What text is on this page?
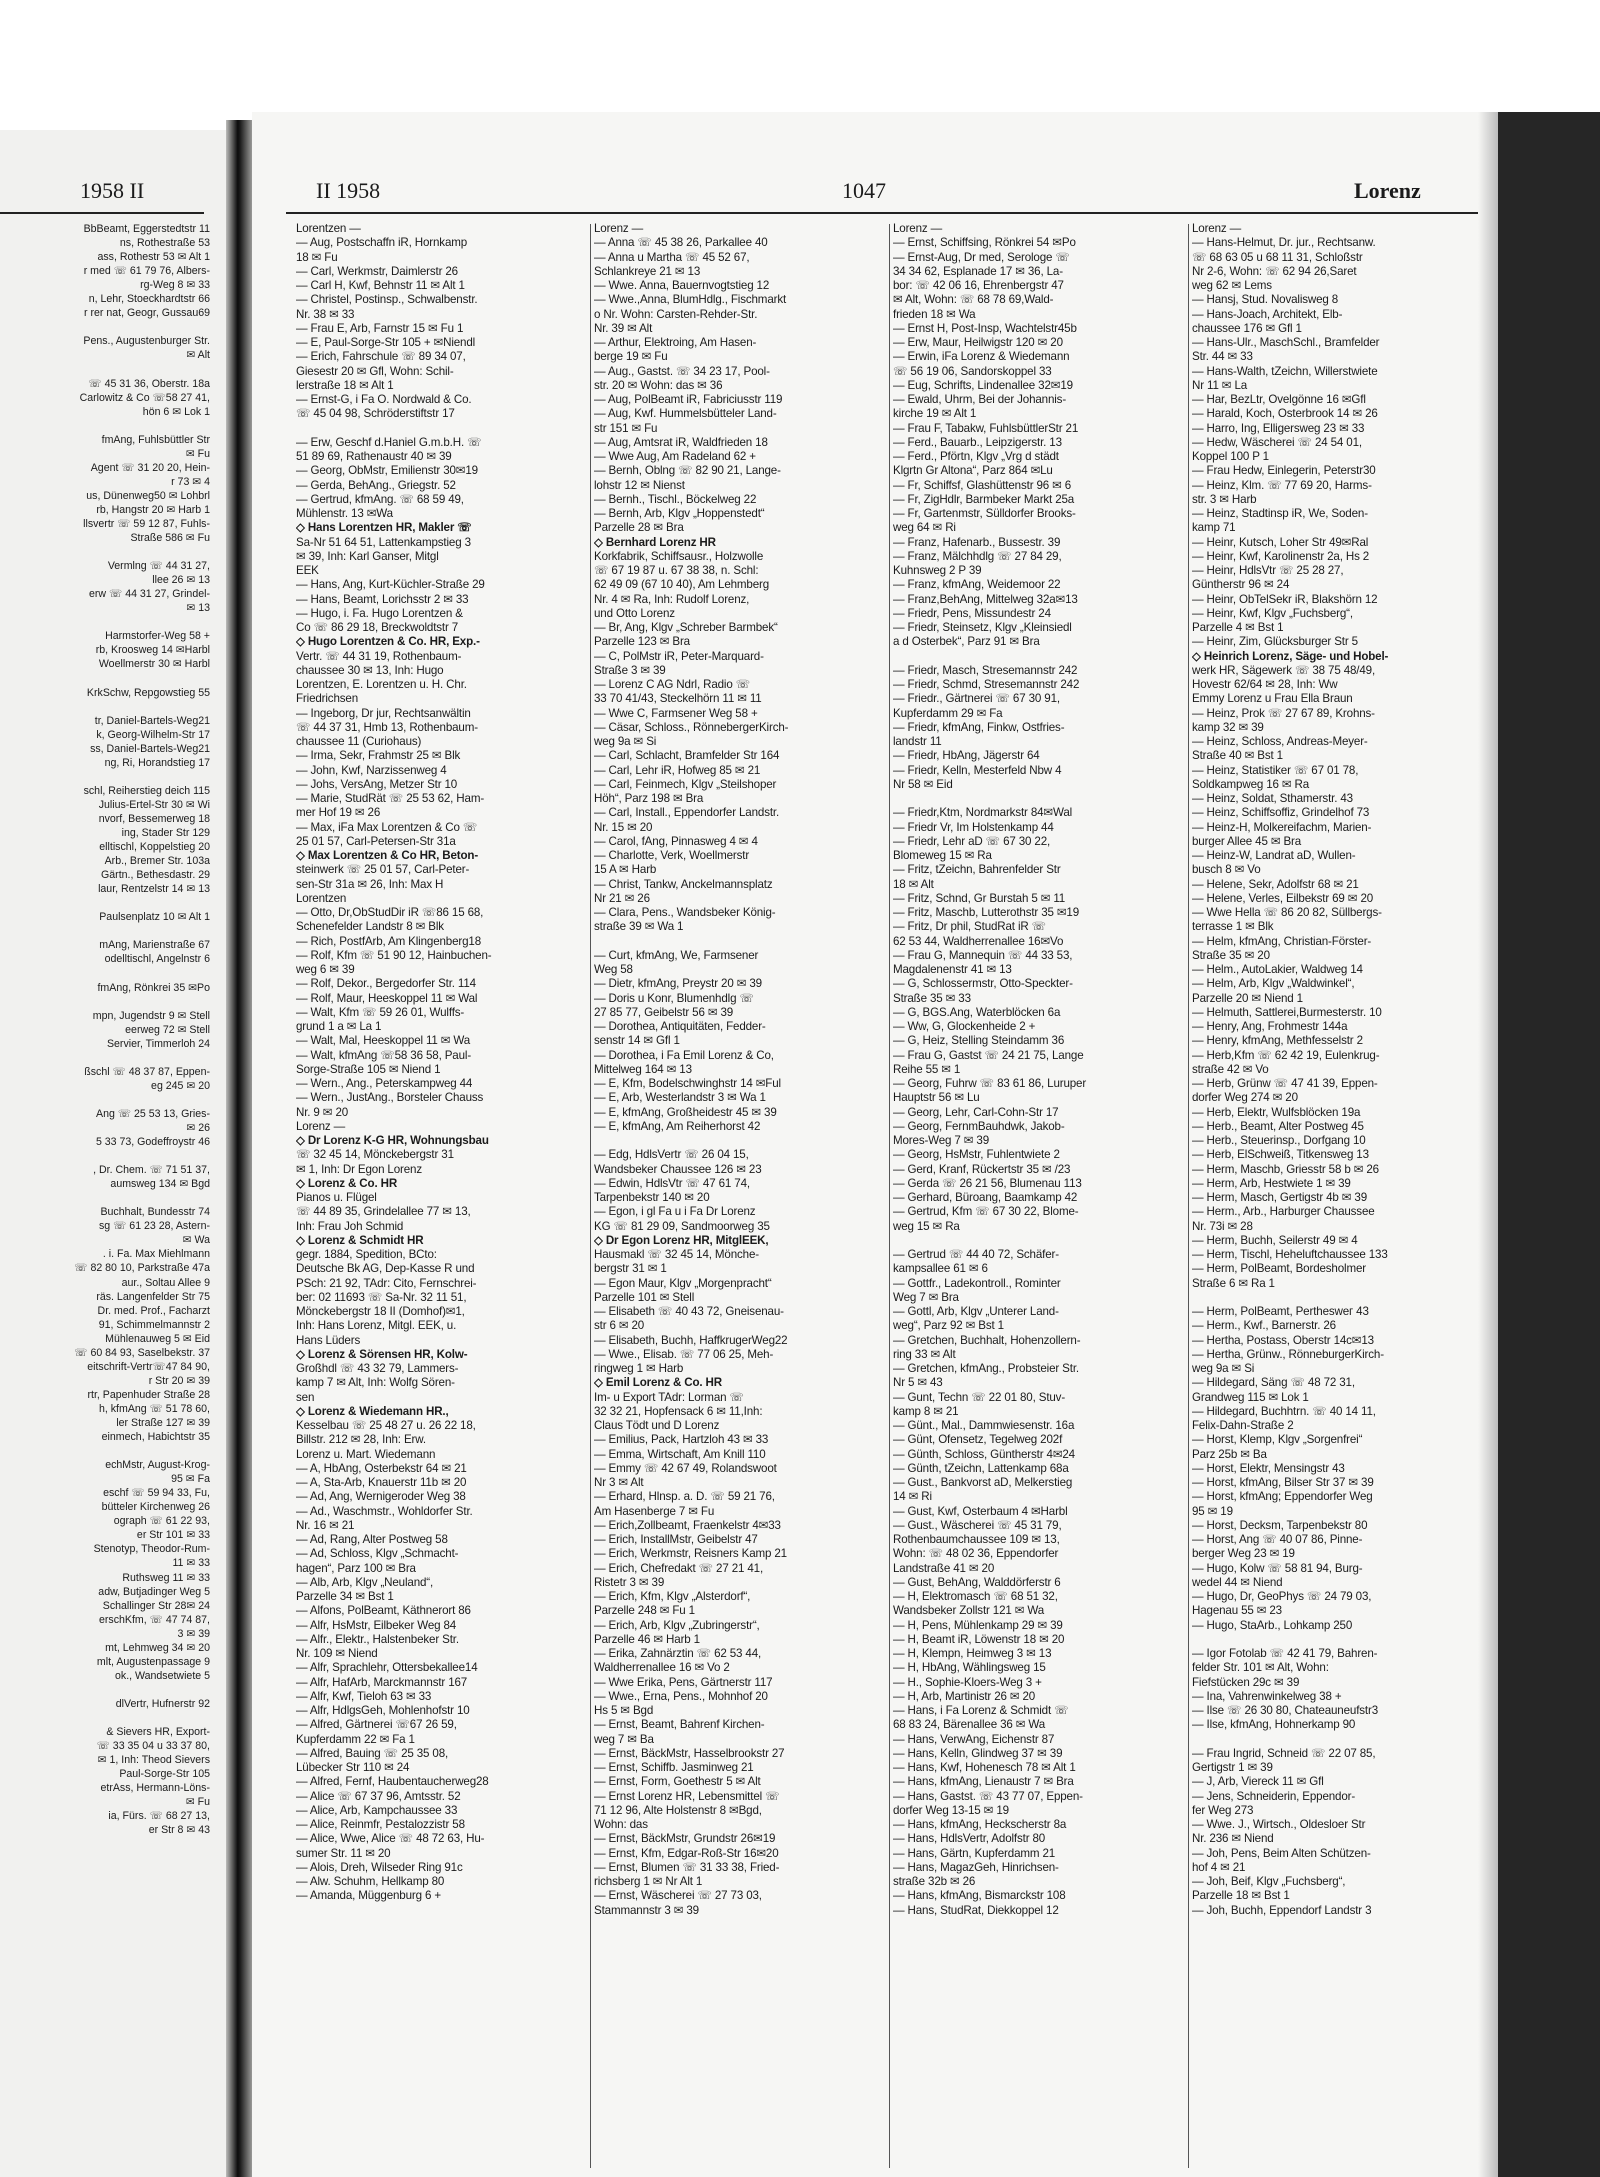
1958 II
BbBeamt, Eggerstedtstr 11
ns, Rothestraße 53
ass, Rothestr 53 ✉ Alt 1
r med ☏ 61 79 76, Albers-
rg-Weg 8 ✉ 33
n, Lehr, Stoeckhardtstr 66
r rer nat, Geogr, Gussau69

Pens., Augustenburger Str.
✉ Alt

☏ 45 31 36, Oberstr. 18a
Carlowitz & Co ☏58 27 41,
hön 6 ✉ Lok 1

fmAng, Fuhlsbüttler Str
✉ Fu
Agent ☏ 31 20 20, Hein-
r 73 ✉ 4
us, Dünenweg50 ✉ Lohbrl
rb, Hangstr 20 ✉ Harb 1
llsvertr ☏ 59 12 87, Fuhls-
Straße 586 ✉ Fu

Vermlng ☏ 44 31 27,
llee 26 ✉ 13
erw ☏ 44 31 27, Grindel-
✉ 13

Harmstorfer-Weg 58 +
rb, Kroosweg 14 ✉Harbl
Woellmerstr 30 ✉ Harbl

KrkSchw, Repgowstieg 55

tr, Daniel-Bartels-Weg21
k, Georg-Wilhelm-Str 17
ss, Daniel-Bartels-Weg21
ng, Ri, Horandstieg 17

schl, Reiherstieg deich 115
Julius-Ertel-Str 30 ✉ Wi
nvorf, Bessemerweg 18
ing, Stader Str 129
elltischl, Koppelstieg 20
Arb., Bremer Str. 103a
Gärtn., Bethesdastr. 29
laur, Rentzelstr 14 ✉ 13

Paulsenplatz 10 ✉ Alt 1

mAng, Marienstraße 67
odelltischl, Angelnstr 6

fmAng, Rönkrei 35 ✉Po

mpn, Jugendstr 9 ✉ Stell
eerweg 72 ✉ Stell
Servier, Timmerloh 24

ßschl ☏ 48 37 87, Eppen-
eg 245 ✉ 20

Ang ☏ 25 53 13, Gries-
✉ 26
5 33 73, Godeffroystr 46

, Dr. Chem. ☏ 71 51 37,
aumsweg 134 ✉ Bgd

Buchhalt, Bundesstr 74
sg ☏ 61 23 28, Astern-
✉ Wa
. i. Fa. Max Miehlmann
☏ 82 80 10, Parkstraße 47a
aur., Soltau Allee 9
räs. Langenfelder Str 75
Dr. med. Prof., Facharzt
91, Schimmelmannstr 2
Mühlenauweg 5 ✉ Eid
☏ 60 84 93, Saselbekstr. 37
eitschrift-Vertr☏47 84 90,
r Str 20 ✉ 39
rtr, Papenhuder Straße 28
h, kfmAng ☏ 51 78 60,
ler Straße 127 ✉ 39
einmech, Habichtstr 35

echMstr, August-Krog-
95 ✉ Fa
eschf ☏ 59 94 33, Fu,
bütteler Kirchenweg 26
ograph ☏ 61 22 93,
er Str 101 ✉ 33
Stenotyp, Theodor-Rum-
11 ✉ 33
Ruthsweg 11 ✉ 33
adw, Butjadinger Weg 5
Schallinger Str 28✉ 24
erschKfm, ☏ 47 74 87,
3 ✉ 39
mt, Lehmweg 34 ✉ 20
mlt, Augustenpassage 9
ok., Wandsetwiete 5

dlVertr, Hufnerstr 92

& Sievers HR, Export-
☏ 33 35 04 u 33 37 80,
✉ 1, Inh: Theod Sievers
Paul-Sorge-Str 105
etrAss, Hermann-Löns-
✉ Fu
ia, Fürs. ☏ 68 27 13,
er Str 8 ✉ 43
II 1958	1047	Lorenz
Lorentzen —
— Aug, Postschaffn iR, Hornkamp
18 ✉ Fu
— Carl, Werkmstr, Daimlerstr 26
— Carl H, Kwf, Behnstr 11 ✉ Alt 1
— Christel, Postinsp., Schwalbenstr.
Nr. 38 ✉ 33
— Frau E, Arb, Farnstr 15 ✉ Fu 1
— E, Paul-Sorge-Str 105 + ✉Niendl
— Erich, Fahrschule ☏ 89 34 07,
Giesestr 20 ✉ Gfl, Wohn: Schil-
lerstraße 18 ✉ Alt 1
— Ernst-G, i Fa O. Nordwald & Co.
☏ 45 04 98, Schröderstiftstr 17

— Erw, Geschf d.Haniel G.m.b.H. ☏
51 89 69, Rathenaustr 40 ✉ 39
— Georg, ObMstr, Emilienstr 30✉19
— Gerda, BehAng., Griegstr. 52
— Gertrud, kfmAng. ☏ 68 59 49,
Mühlenstr. 13 ✉Wa
◇ Hans Lorentzen HR, Makler ☏
Sa-Nr 51 64 51, Lattenkampstieg 3
✉ 39, Inh: Karl Ganser, Mitgl
EEK
— Hans, Ang, Kurt-Küchler-Straße 29
— Hans, Beamt, Lorichsstr 2 ✉ 33
— Hugo, i. Fa. Hugo Lorentzen &
Co ☏ 86 29 18, Breckwoldtstr 7
◇ Hugo Lorentzen & Co. HR, Exp.-
Vertr. ☏ 44 31 19, Rothenbaum-
chaussee 30 ✉ 13, Inh: Hugo
Lorentzen, E. Lorentzen u. H. Chr.
Friedrichsen
— Ingeborg, Dr jur, Rechtsanwältin
☏ 44 37 31, Hmb 13, Rothenbaum-
chaussee 11 (Curiohaus)
— Irma, Sekr, Frahmstr 25 ✉ Blk
— John, Kwf, Narzissenweg 4
— Johs, VersAng, Metzer Str 10
— Marie, StudRät ☏ 25 53 62, Ham-
mer Hof 19 ✉ 26
— Max, iFa Max Lorentzen & Co ☏
25 01 57, Carl-Petersen-Str 31a
◇ Max Lorentzen & Co HR, Beton-
steinwerk ☏ 25 01 57, Carl-Peter-
sen-Str 31a ✉ 26, Inh: Max H
Lorentzen
— Otto, Dr,ObStudDir iR ☏86 15 68,
Schenefelder Landstr 8 ✉ Blk
— Rich, PostfArb, Am Klingenberg18
— Rolf, Kfm ☏ 51 90 12, Hainbuchen-
weg 6 ✉ 39
— Rolf, Dekor., Bergedorfer Str. 114
— Rolf, Maur, Heeskoppel 11 ✉ Wal
— Walt, Kfm ☏ 59 26 01, Wulffs-
grund 1 a ✉ La 1
— Walt, Mal, Heeskoppel 11 ✉ Wa
— Walt, kfmAng ☏58 36 58, Paul-
Sorge-Straße 105 ✉ Niend 1
— Wern., Ang., Peterskampweg 44
— Wern., JustAng., Borsteler Chauss
Nr. 9 ✉ 20
Lorenz —
◇ Dr Lorenz K-G HR, Wohnungsbau
☏ 32 45 14, Mönckebergstr 31
✉ 1, Inh: Dr Egon Lorenz
◇ Lorenz & Co. HR
Pianos u. Flügel
☏ 44 89 35, Grindelallee 77 ✉ 13,
Inh: Frau Joh Schmid
◇ Lorenz & Schmidt HR
gegr. 1884, Spedition, BCto:
Deutsche Bk AG, Dep-Kasse R und
PSch: 21 92, TAdr: Cito, Fernschrei-
ber: 02 11693 ☏ Sa-Nr. 32 11 51,
Mönckebergstr 18 II (Domhof)✉1,
Inh: Hans Lorenz, Mitgl. EEK, u.
Hans Lüders
◇ Lorenz & Sörensen HR, Kolw-
Großhdl ☏ 43 32 79, Lammers-
kamp 7 ✉ Alt, Inh: Wolfg Sören-
sen
◇ Lorenz & Wiedemann HR.,
Kesselbau ☏ 25 48 27 u. 26 22 18,
Billstr. 212 ✉ 28, Inh: Erw.
Lorenz u. Mart. Wiedemann
— A, HbAng, Osterbekstr 64 ✉ 21
— A, Sta-Arb, Knauerstr 11b ✉ 20
— Ad, Ang, Wernigeroder Weg 38
— Ad., Waschmstr., Wohldorfer Str.
Nr. 16 ✉ 21
— Ad, Rang, Alter Postweg 58
— Ad, Schloss, Klgv „Schmacht-
hagen“, Parz 100 ✉ Bra
— Alb, Arb, Klgv „Neuland“,
Parzelle 34 ✉ Bst 1
— Alfons, PolBeamt, Käthnerort 86
— Alfr, HsMstr, Eilbeker Weg 84
— Alfr., Elektr., Halstenbeker Str.
Nr. 109 ✉ Niend
— Alfr, Sprachlehr, Ottersbekallee14
— Alfr, HafArb, Marckmannstr 167
— Alfr, Kwf, Tieloh 63 ✉ 33
— Alfr, HdlgsGeh, Mohlenhofstr 10
— Alfred, Gärtnerei ☏67 26 59,
Kupferdamm 22 ✉ Fa 1
— Alfred, Bauing ☏ 25 35 08,
Lübecker Str 110 ✉ 24
— Alfred, Fernf, Haubentaucherweg28
— Alice ☏ 67 37 96, Amtsstr. 52
— Alice, Arb, Kampchaussee 33
— Alice, Reinmfr, Pestalozzistr 58
— Alice, Wwe, Alice ☏ 48 72 63, Hu-
sumer Str. 11 ✉ 20
— Alois, Dreh, Wilseder Ring 91c
— Alw. Schuhm, Hellkamp 80
— Amanda, Müggenburg 6 +
Lorenz —
— Anna ☏ 45 38 26, Parkallee 40
— Anna u Martha ☏ 45 52 67,
Schlankreye 21 ✉ 13
— Wwe. Anna, Bauernvogtstieg 12
— Wwe.,Anna, BlumHdlg., Fischmarkt
o Nr. Wohn: Carsten-Rehder-Str.
Nr. 39 ✉ Alt
— Arthur, Elektroing, Am Hasen-
berge 19 ✉ Fu
— Aug., Gastst. ☏ 34 23 17, Pool-
str. 20 ✉ Wohn: das ✉ 36
— Aug, PolBeamt iR, Fabriciusstr 119
— Aug, Kwf. Hummelsbütteler Land-
str 151 ✉ Fu
— Aug, Amtsrat iR, Waldfrieden 18
— Wwe Aug, Am Radeland 62 +
— Bernh, Oblng ☏ 82 90 21, Lange-
lohstr 12 ✉ Nienst
— Bernh., Tischl., Böckelweg 22
— Bernh, Arb, Klgv „Hoppenstedt“
Parzelle 28 ✉ Bra
◇ Bernhard Lorenz HR
Korkfabrik, Schiffsausr., Holzwolle
☏ 67 19 87 u. 67 38 38, n. Schl:
62 49 09 (67 10 40), Am Lehmberg
Nr. 4 ✉ Ra, Inh: Rudolf Lorenz,
und Otto Lorenz
— Br, Ang, Klgv „Schreber Barmbek“
Parzelle 123 ✉ Bra
— C, PolMstr iR, Peter-Marquard-
Straße 3 ✉ 39
— Lorenz C AG Ndrl, Radio ☏
33 70 41/43, Steckelhörn 11 ✉ 11
— Wwe C, Farmsener Weg 58 +
— Cäsar, Schloss., RönnebergerKirch-
weg 9a ✉ Si
— Carl, Schlacht, Bramfelder Str 164
— Carl, Lehr iR, Hofweg 85 ✉ 21
— Carl, Feinmech, Klgv „Steilshoper
Höh“, Parz 198 ✉ Bra
— Carl, Install., Eppendorfer Landstr.
Nr. 15 ✉ 20
— Carol, fAng, Pinnasweg 4 ✉ 4
— Charlotte, Verk, Woellmerstr
15 A ✉ Harb
— Christ, Tankw, Anckelmannsplatz
Nr 21 ✉ 26
— Clara, Pens., Wandsbeker König-
straße 39 ✉ Wa 1

— Curt, kfmAng, We, Farmsener
Weg 58
— Dietr, kfmAng, Preystr 20 ✉ 39
— Doris u Konr, Blumenhdlg ☏
27 85 77, Geibelstr 56 ✉ 39
— Dorothea, Antiquitäten, Fedder-
senstr 14 ✉ Gfl 1
— Dorothea, i Fa Emil Lorenz & Co,
Mittelweg 164 ✉ 13
— E, Kfm, Bodelschwinghstr 14 ✉Ful
— E, Arb, Westerlandstr 3 ✉ Wa 1
— E, kfmAng, Großheidestr 45 ✉ 39
— E, kfmAng, Am Reiherhorst 42

— Edg, HdlsVertr ☏ 26 04 15,
Wandsbeker Chaussee 126 ✉ 23
— Edwin, HdlsVtr ☏ 47 61 74,
Tarpenbekstr 140 ✉ 20
— Egon, i gl Fa u i Fa Dr Lorenz
KG ☏ 81 29 09, Sandmoorweg 35
◇ Dr Egon Lorenz HR, MitglEEK,
Hausmakl ☏ 32 45 14, Mönche-
bergstr 31 ✉ 1
— Egon Maur, Klgv „Morgenpracht“
Parzelle 101 ✉ Stell
— Elisabeth ☏ 40 43 72, Gneisenau-
str 6 ✉ 20
— Elisabeth, Buchh, HaffkrugerWeg22
— Wwe., Elisab. ☏ 77 06 25, Meh-
ringweg 1 ✉ Harb
◇ Emil Lorenz & Co. HR
Im- u Export TAdr: Lorman ☏
32 32 21, Hopfensack 6 ✉ 11,Inh:
Claus Tödt und D Lorenz
— Emilius, Pack, Hartzloh 43 ✉ 33
— Emma, Wirtschaft, Am Knill 110
— Emmy ☏ 42 67 49, Rolandswoot
Nr 3 ✉ Alt
— Erhard, Hlnsp. a. D. ☏ 59 21 76,
Am Hasenberge 7 ✉ Fu
— Erich,Zollbeamt, Fraenkelstr 4✉33
— Erich, InstallMstr, Geibelstr 47
— Erich, Werkmstr, Reisners Kamp 21
— Erich, Chefredakt ☏ 27 21 41,
Ristetr 3 ✉ 39
— Erich, Kfm, Klgv „Alsterdorf“,
Parzelle 248 ✉ Fu 1
— Erich, Arb, Klgv „Zubringerstr“,
Parzelle 46 ✉ Harb 1
— Erika, Zahnärztin ☏ 62 53 44,
Waldherrenallee 16 ✉ Vo 2
— Wwe Erika, Pens, Gärtnerstr 117
— Wwe., Erna, Pens., Mohnhof 20
Hs 5 ✉ Bgd
— Ernst, Beamt, Bahrenf Kirchen-
weg 7 ✉ Ba
— Ernst, BäckMstr, Hasselbrookstr 27
— Ernst, Schiffb. Jasminweg 21
— Ernst, Form, Goethestr 5 ✉ Alt
— Ernst Lorenz HR, Lebensmittel ☏
71 12 96, Alte Holstenstr 8 ✉Bgd,
Wohn: das
— Ernst, BäckMstr, Grundstr 26✉19
— Ernst, Kfm, Edgar-Roß-Str 16✉20
— Ernst, Blumen ☏ 31 33 38, Fried-
richsberg 1 ✉ Nr Alt 1
— Ernst, Wäscherei ☏ 27 73 03,
Stammannstr 3 ✉ 39
Lorenz —
— Ernst, Schiffsing, Rönkrei 54 ✉Po
— Ernst-Aug, Dr med, Serologe ☏
34 34 62, Esplanade 17 ✉ 36, La-
bor: ☏ 42 06 16, Ehrenbergstr 47
✉ Alt, Wohn: ☏ 68 78 69,Wald-
frieden 18 ✉ Wa
— Ernst H, Post-Insp, Wachtelstr45b
— Erw, Maur, Heilwigstr 120 ✉ 20
— Erwin, iFa Lorenz & Wiedemann
☏ 56 19 06, Sandorskoppel 33
— Eug, Schrifts, Lindenallee 32✉19
— Ewald, Uhrm, Bei der Johannis-
kirche 19 ✉ Alt 1
— Frau F, Tabakw, FuhlsbüttlerStr 21
— Ferd., Bauarb., Leipzigerstr. 13
— Ferd., Pförtn, Klgv „Vrg d städt
Klgrtn Gr Altona“, Parz 864 ✉Lu
— Fr, Schiffsf, Glashüttenstr 96 ✉ 6
— Fr, ZigHdlr, Barmbeker Markt 25a
— Fr, Gartenmstr, Sülldorfer Brooks-
weg 64 ✉ Ri
— Franz, Hafenarb., Bussestr. 39
— Franz, Mälchhdlg ☏ 27 84 29,
Kuhnsweg 2 P 39
— Franz, kfmAng, Weidemoor 22
— Franz,BehAng, Mittelweg 32a✉13
— Friedr, Pens, Missundestr 24
— Friedr, Steinsetz, Klgv „Kleinsiedl
a d Osterbek“, Parz 91 ✉ Bra

— Friedr, Masch, Stresemannstr 242
— Friedr, Schmd, Stresemannstr 242
— Friedr., Gärtnerei ☏ 67 30 91,
Kupferdamm 29 ✉ Fa
— Friedr, kfmAng, Finkw, Ostfries-
landstr 11
— Friedr, HbAng, Jägerstr 64
— Friedr, Kelln, Mesterfeld Nbw 4
Nr 58 ✉ Eid

— Friedr,Ktm, Nordmarkstr 84✉Wal
— Friedr Vr, Im Holstenkamp 44
— Friedr, Lehr aD ☏ 67 30 22,
Blomeweg 15 ✉ Ra
— Fritz, tZeichn, Bahrenfelder Str
18 ✉ Alt
— Fritz, Schnd, Gr Burstah 5 ✉ 11
— Fritz, Maschb, Lutterothstr 35 ✉19
— Fritz, Dr phil, StudRat iR ☏
62 53 44, Waldherrenallee 16✉Vo
— Frau G, Mannequin ☏ 44 33 53,
Magdalenenstr 41 ✉ 13
— G, Schlossermstr, Otto-Speckter-
Straße 35 ✉ 33
— G, BGS.Ang, Waterblöcken 6a
— Ww, G, Glockenheide 2 +
— G, Heiz, Stelling Steindamm 36
— Frau G, Gastst ☏ 24 21 75, Lange
Reihe 55 ✉ 1
— Georg, Fuhrw ☏ 83 61 86, Luruper
Hauptstr 56 ✉ Lu
— Georg, Lehr, Carl-Cohn-Str 17
— Georg, FernmBauhdwk, Jakob-
Mores-Weg 7 ✉ 39
— Georg, HsMstr, Fuhlentwiete 2
— Gerd, Kranf, Rückertstr 35 ✉ /23
— Gerda ☏ 26 21 56, Blumenau 113
— Gerhard, Büroang, Baamkamp 42
— Gertrud, Kfm ☏ 67 30 22, Blome-
weg 15 ✉ Ra

— Gertrud ☏ 44 40 72, Schäfer-
kampsallee 61 ✉ 6
— Gottfr., Ladekontroll., Rominter
Weg 7 ✉ Bra
— Gottl, Arb, Klgv „Unterer Land-
weg“, Parz 92 ✉ Bst 1
— Gretchen, Buchhalt, Hohenzollern-
ring 33 ✉ Alt
— Gretchen, kfmAng., Probsteier Str.
Nr 5 ✉ 43
— Gunt, Techn ☏ 22 01 80, Stuv-
kamp 8 ✉ 21
— Günt., Mal., Dammwiesenstr. 16a
— Günt, Ofensetz, Tegelweg 202f
— Günth, Schloss, Güntherstr 4✉24
— Günth, tZeichn, Lattenkamp 68a
— Gust., Bankvorst aD, Melkerstieg
14 ✉ Ri
— Gust, Kwf, Osterbaum 4 ✉Harbl
— Gust., Wäscherei ☏ 45 31 79,
Rothenbaumchaussee 109 ✉ 13,
Wohn: ☏ 48 02 36, Eppendorfer
Landstraße 41 ✉ 20
— Gust, BehAng, Walddörferstr 6
— H, Elektromasch ☏ 68 51 32,
Wandsbeker Zollstr 121 ✉ Wa
— H, Pens, Mühlenkamp 29 ✉ 39
— H, Beamt iR, Löwenstr 18 ✉ 20
— H, Klempn, Heimweg 3 ✉ 13
— H, HbAng, Wählingsweg 15
— H., Sophie-Kloers-Weg 3 +
— H, Arb, Martinistr 26 ✉ 20
— Hans, i Fa Lorenz & Schmidt ☏
68 83 24, Bärenallee 36 ✉ Wa
— Hans, VerwAng, Eichenstr 87
— Hans, Kelln, Glindweg 37 ✉ 39
— Hans, Kwf, Hohenesch 78 ✉ Alt 1
— Hans, kfmAng, Lienaustr 7 ✉ Bra
— Hans, Gastst. ☏ 43 77 07, Eppen-
dorfer Weg 13-15 ✉ 19
— Hans, kfmAng, Heckscherstr 8a
— Hans, HdlsVertr, Adolfstr 80
— Hans, Gärtn, Kupferdamm 21
— Hans, MagazGeh, Hinrichsen-
straße 32b ✉ 26
— Hans, kfmAng, Bismarckstr 108
— Hans, StudRat, Diekkoppel 12
Lorenz —
— Hans-Helmut, Dr. jur., Rechtsanw.
☏ 68 63 05 u 68 11 31, Schloßstr
Nr 2-6, Wohn: ☏ 62 94 26,Saret
weg 62 ✉ Lems
— Hansj, Stud. Novalisweg 8
— Hans-Joach, Architekt, Elb-
chaussee 176 ✉ Gfl 1
— Hans-Ulr., MaschSchl., Bramfelder
Str. 44 ✉ 33
— Hans-Walth, tZeichn, Willerstwiete
Nr 11 ✉ La
— Har, BezLtr, Ovelgönne 16 ✉Gfl
— Harald, Koch, Osterbrook 14 ✉ 26
— Harro, Ing, Elligersweg 23 ✉ 33
— Hedw, Wäscherei ☏ 24 54 01,
Koppel 100 P 1
— Frau Hedw, Einlegerin, Peterstr30
— Heinz, Klm. ☏ 77 69 20, Harms-
str. 3 ✉ Harb
— Heinz, Stadtinsp iR, We, Soden-
kamp 71
— Heinr, Kutsch, Loher Str 49✉Ral
— Heinr, Kwf, Karolinenstr 2a, Hs 2
— Heinr, HdlsVtr ☏ 25 28 27,
Güntherstr 96 ✉ 24
— Heinr, ObTelSekr iR, Blakshörn 12
— Heinr, Kwf, Klgv „Fuchsberg“,
Parzelle 4 ✉ Bst 1
— Heinr, Zim, Glücksburger Str 5
◇ Heinrich Lorenz, Säge- und Hobel-
werk HR, Sägewerk ☏ 38 75 48/49,
Hovestr 62/64 ✉ 28, Inh: Ww
Emmy Lorenz u Frau Ella Braun
— Heinz, Prok ☏ 27 67 89, Krohns-
kamp 32 ✉ 39
— Heinz, Schloss, Andreas-Meyer-
Straße 40 ✉ Bst 1
— Heinz, Statistiker ☏ 67 01 78,
Soldkampweg 16 ✉ Ra
— Heinz, Soldat, Sthamerstr. 43
— Heinz, Schiffsoffiz, Grindelhof 73
— Heinz-H, Molkereifachm, Marien-
burger Allee 45 ✉ Bra
— Heinz-W, Landrat aD, Wullen-
busch 8 ✉ Vo
— Helene, Sekr, Adolfstr 68 ✉ 21
— Helene, Verles, Eilbekstr 69 ✉ 20
— Wwe Hella ☏ 86 20 82, Süllbergs-
terrasse 1 ✉ Blk
— Helm, kfmAng, Christian-Förster-
Straße 35 ✉ 20
— Helm., AutoLakier, Waldweg 14
— Helm, Arb, Klgv „Waldwinkel“,
Parzelle 20 ✉ Niend 1
— Helmuth, Sattlerei,Burmesterstr. 10
— Henry, Ang, Frohmestr 144a
— Henry, kfmAng, Methfesselstr 2
— Herb,Kfm ☏ 62 42 19, Eulenkrug-
straße 42 ✉ Vo
— Herb, Grünw ☏ 47 41 39, Eppen-
dorfer Weg 274 ✉ 20
— Herb, Elektr, Wulfsblöcken 19a
— Herb., Beamt, Alter Postweg 45
— Herb., Steuerinsp., Dorfgang 10
— Herb, ElSchweiß, Titkensweg 13
— Herm, Maschb, Griesstr 58 b ✉ 26
— Herm, Arb, Hestwiete 1 ✉ 39
— Herm, Masch, Gertigstr 4b ✉ 39
— Herm., Arb., Harburger Chaussee
Nr. 73i ✉ 28
— Herm, Buchh, Seilerstr 49 ✉ 4
— Herm, Tischl, Heheluftchaussee 133
— Herm, PolBeamt, Bordesholmer
Straße 6 ✉ Ra 1

— Herm, PolBeamt, Pertheswег 43
— Herm., Kwf., Barnerstr. 26
— Hertha, Postass, Oberstr 14c✉13
— Hertha, Grünw., RönneburgerKirch-
weg 9a ✉ Si
— Hildegard, Säng ☏ 48 72 31,
Grandweg 115 ✉ Lok 1
— Hildegard, Buchhtrn. ☏ 40 14 11,
Felix-Dahn-Straße 2
— Horst, Klemp, Klgv „Sorgenfrei“
Parz 25b ✉ Ba
— Horst, Elektr, Mensingstr 43
— Horst, kfmAng, Bilser Str 37 ✉ 39
— Horst, kfmAng; Eppendorfer Weg
95 ✉ 19
— Horst, Decksm, Tarpenbekstr 80
— Horst, Ang ☏ 40 07 86, Pinne-
berger Weg 23 ✉ 19
— Hugo, Kolw ☏ 58 81 94, Burg-
wedel 44 ✉ Niend
— Hugo, Dr, GeoPhys ☏ 24 79 03,
Hagenau 55 ✉ 23
— Hugo, StaArb., Lohkamp 250

— Igor Fotolab ☏ 42 41 79, Bahren-
felder Str. 101 ✉ Alt, Wohn:
Fiefstücken 29c ✉ 39
— Ina, Vahrenwinkelweg 38 +
— Ilse ☏ 26 30 80, Chateauneufstr3
— Ilse, kfmAng, Hohnerkamp 90

— Frau Ingrid, Schneid ☏ 22 07 85,
Gertigstr 1 ✉ 39
— J, Arb, Viereck 11 ✉ Gfl
— Jens, Schneiderin, Eppendor-
fer Weg 273
— Wwe. J., Wirtsch., Oldesloer Str
Nr. 236 ✉ Niend
— Joh, Pens, Beim Alten Schützen-
hof 4 ✉ 21
— Joh, Beif, Klgv „Fuchsberg“,
Parzelle 18 ✉ Bst 1
— Joh, Buchh, Eppendorf Landstr 3
